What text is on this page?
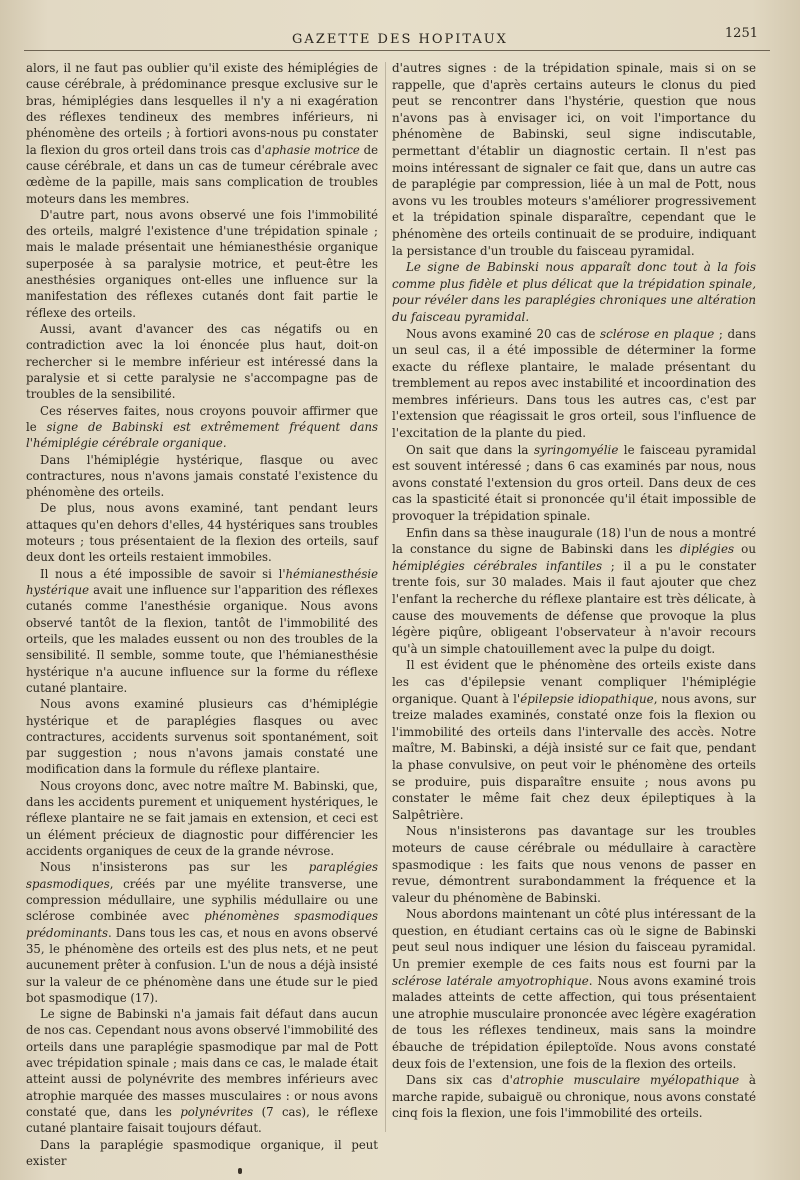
GAZETTE DES HOPITAUX	1251

alors, il ne faut pas oublier qu'il existe des hémiplégies de cause cérébrale, à prédominance presque exclusive sur le bras, hémiplégies dans lesquelles il n'y a ni exagération des réflexes tendineux des membres inférieurs, ni phénomène des orteils ; à fortiori avons-nous pu constater la flexion du gros orteil dans trois cas d'aphasie motrice de cause cérébrale, et dans un cas de tumeur cérébrale avec œdème de la papille, mais sans complication de troubles moteurs dans les membres.

D'autre part, nous avons observé une fois l'immobilité des orteils, malgré l'existence d'une trépidation spinale ; mais le malade présentait une hémianesthésie organique superposée à sa paralysie motrice, et peut-être les anesthésies organiques ont-elles une influence sur la manifestation des réflexes cutanés dont fait partie le réflexe des orteils.

Aussi, avant d'avancer des cas négatifs ou en contradiction avec la loi énoncée plus haut, doit-on rechercher si le membre inférieur est intéressé dans la paralysie et si cette paralysie ne s'accompagne pas de troubles de la sensibilité.

Ces réserves faites, nous croyons pouvoir affirmer que le signe de Babinski est extrêmement fréquent dans l'hémiplégie cérébrale organique.

Dans l'hémiplégie hystérique, flasque ou avec contractures, nous n'avons jamais constaté l'existence du phénomène des orteils.

De plus, nous avons examiné, tant pendant leurs attaques qu'en dehors d'elles, 44 hystériques sans troubles moteurs ; tous présentaient de la flexion des orteils, sauf deux dont les orteils restaient immobiles.

Il nous a été impossible de savoir si l'hémianesthésie hystérique avait une influence sur l'apparition des réflexes cutanés comme l'anesthésie organique. Nous avons observé tantôt de la flexion, tantôt de l'immobilité des orteils, que les malades eussent ou non des troubles de la sensibilité. Il semble, somme toute, que l'hémianesthésie hystérique n'a aucune influence sur la forme du réflexe cutané plantaire.

Nous avons examiné plusieurs cas d'hémiplégie hystérique et de paraplégies flasques ou avec contractures, accidents survenus soit spontanément, soit par suggestion ; nous n'avons jamais constaté une modification dans la formule du réflexe plantaire.

Nous croyons donc, avec notre maître M. Babinski, que, dans les accidents purement et uniquement hystériques, le réflexe plantaire ne se fait jamais en extension, et ceci est un élément précieux de diagnostic pour différencier les accidents organiques de ceux de la grande névrose.

Nous n'insisterons pas sur les paraplégies spasmodiques, créés par une myélite transverse, une compression médullaire, une syphilis médullaire ou une sclérose combinée avec phénomènes spasmodiques prédominants. Dans tous les cas, et nous en avons observé 35, le phénomène des orteils est des plus nets, et ne peut aucunement prêter à confusion. L'un de nous a déjà insisté sur la valeur de ce phénomène dans une étude sur le pied bot spasmodique (17).

Le signe de Babinski n'a jamais fait défaut dans aucun de nos cas. Cependant nous avons observé l'immobilité des orteils dans une paraplégie spasmodique par mal de Pott avec trépidation spinale ; mais dans ce cas, le malade était atteint aussi de polynévrite des membres inférieurs avec atrophie marquée des masses musculaires : or nous avons constaté que, dans les polynévrites (7 cas), le réflexe cutané plantaire faisait toujours défaut.

Dans la paraplégie spasmodique organique, il peut exister

d'autres signes : de la trépidation spinale, mais si on se rappelle, que d'après certains auteurs le clonus du pied peut se rencontrer dans l'hystérie, question que nous n'avons pas à envisager ici, on voit l'importance du phénomène de Babinski, seul signe indiscutable, permettant d'établir un diagnostic certain. Il n'est pas moins intéressant de signaler ce fait que, dans un autre cas de paraplégie par compression, liée à un mal de Pott, nous avons vu les troubles moteurs s'améliorer progressivement et la trépidation spinale disparaître, cependant que le phénomène des orteils continuait de se produire, indiquant la persistance d'un trouble du faisceau pyramidal.

Le signe de Babinski nous apparaît donc tout à la fois comme plus fidèle et plus délicat que la trépidation spinale, pour révéler dans les paraplégies chroniques une altération du faisceau pyramidal.

Nous avons examiné 20 cas de sclérose en plaque ; dans un seul cas, il a été impossible de déterminer la forme exacte du réflexe plantaire, le malade présentant du tremblement au repos avec instabilité et incoordination des membres inférieurs. Dans tous les autres cas, c'est par l'extension que réagissait le gros orteil, sous l'influence de l'excitation de la plante du pied.

On sait que dans la syringomyélie le faisceau pyramidal est souvent intéressé ; dans 6 cas examinés par nous, nous avons constaté l'extension du gros orteil. Dans deux de ces cas la spasticité était si prononcée qu'il était impossible de provoquer la trépidation spinale.

Enfin dans sa thèse inaugurale (18) l'un de nous a montré la constance du signe de Babinski dans les diplégies ou hémiplégies cérébrales infantiles ; il a pu le constater trente fois, sur 30 malades. Mais il faut ajouter que chez l'enfant la recherche du réflexe plantaire est très délicate, à cause des mouvements de défense que provoque la plus légère piqûre, obligeant l'observateur à n'avoir recours qu'à un simple chatouillement avec la pulpe du doigt.

Il est évident que le phénomène des orteils existe dans les cas d'épilepsie venant compliquer l'hémiplégie organique. Quant à l'épilepsie idiopathique, nous avons, sur treize malades examinés, constaté onze fois la flexion ou l'immobilité des orteils dans l'intervalle des accès. Notre maître, M. Babinski, a déjà insisté sur ce fait que, pendant la phase convulsive, on peut voir le phénomène des orteils se produire, puis disparaître ensuite ; nous avons pu constater le même fait chez deux épileptiques à la Salpêtrière.

Nous n'insisterons pas davantage sur les troubles moteurs de cause cérébrale ou médullaire à caractère spasmodique : les faits que nous venons de passer en revue, démontrent surabondamment la fréquence et la valeur du phénomène de Babinski.

Nous abordons maintenant un côté plus intéressant de la question, en étudiant certains cas où le signe de Babinski peut seul nous indiquer une lésion du faisceau pyramidal. Un premier exemple de ces faits nous est fourni par la sclérose latérale amyotrophique. Nous avons examiné trois malades atteints de cette affection, qui tous présentaient une atrophie musculaire prononcée avec légère exagération de tous les réflexes tendineux, mais sans la moindre ébauche de trépidation épileptoïde. Nous avons constaté deux fois de l'extension, une fois de la flexion des orteils.

Dans six cas d'atrophie musculaire myélopathique à marche rapide, subaiguë ou chronique, nous avons constaté cinq fois la flexion, une fois l'immobilité des orteils.
